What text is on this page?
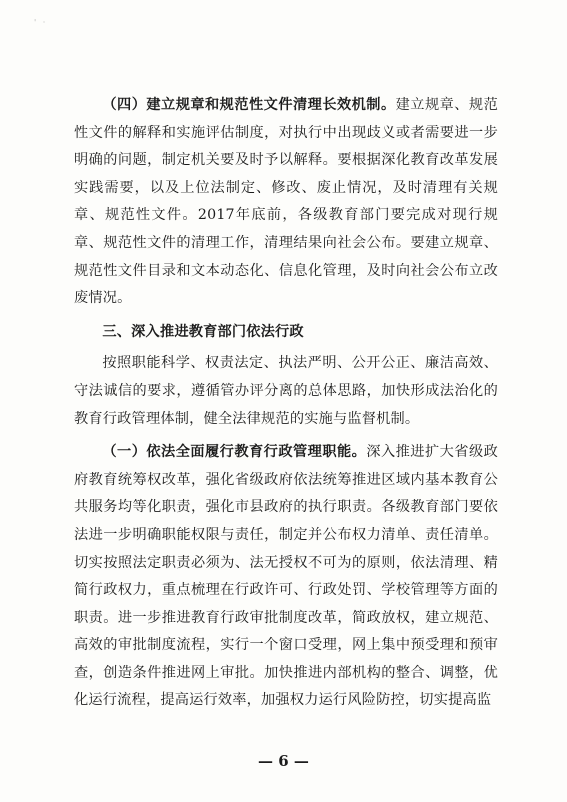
' ·

（四）建立规章和规范性文件清理长效机制。建立规章、规范性文件的解释和实施评估制度，对执行中出现歧义或者需要进一步明确的问题，制定机关要及时予以解释。要根据深化教育改革发展实践需要，以及上位法制定、修改、废止情况，及时清理有关规章、规范性文件。2017年底前，各级教育部门要完成对现行规章、规范性文件的清理工作，清理结果向社会公布。要建立规章、规范性文件目录和文本动态化、信息化管理，及时向社会公布立改废情况。

三、深入推进教育部门依法行政

按照职能科学、权责法定、执法严明、公开公正、廉洁高效、守法诚信的要求，遵循管办评分离的总体思路，加快形成法治化的教育行政管理体制，健全法律规范的实施与监督机制。

（一）依法全面履行教育行政管理职能。深入推进扩大省级政府教育统筹权改革，强化省级政府依法统筹推进区域内基本教育公共服务均等化职责，强化市县政府的执行职责。各级教育部门要依法进一步明确职能权限与责任，制定并公布权力清单、责任清单。切实按照法定职责必须为、法无授权不可为的原则，依法清理、精简行政权力，重点梳理在行政许可、行政处罚、学校管理等方面的职责。进一步推进教育行政审批制度改革，简政放权，建立规范、高效的审批制度流程，实行一个窗口受理，网上集中预受理和预审查，创造条件推进网上审批。加快推进内部机构的整合、调整，优化运行流程，提高运行效率，加强权力运行风险防控，切实提高监

— 6 —
